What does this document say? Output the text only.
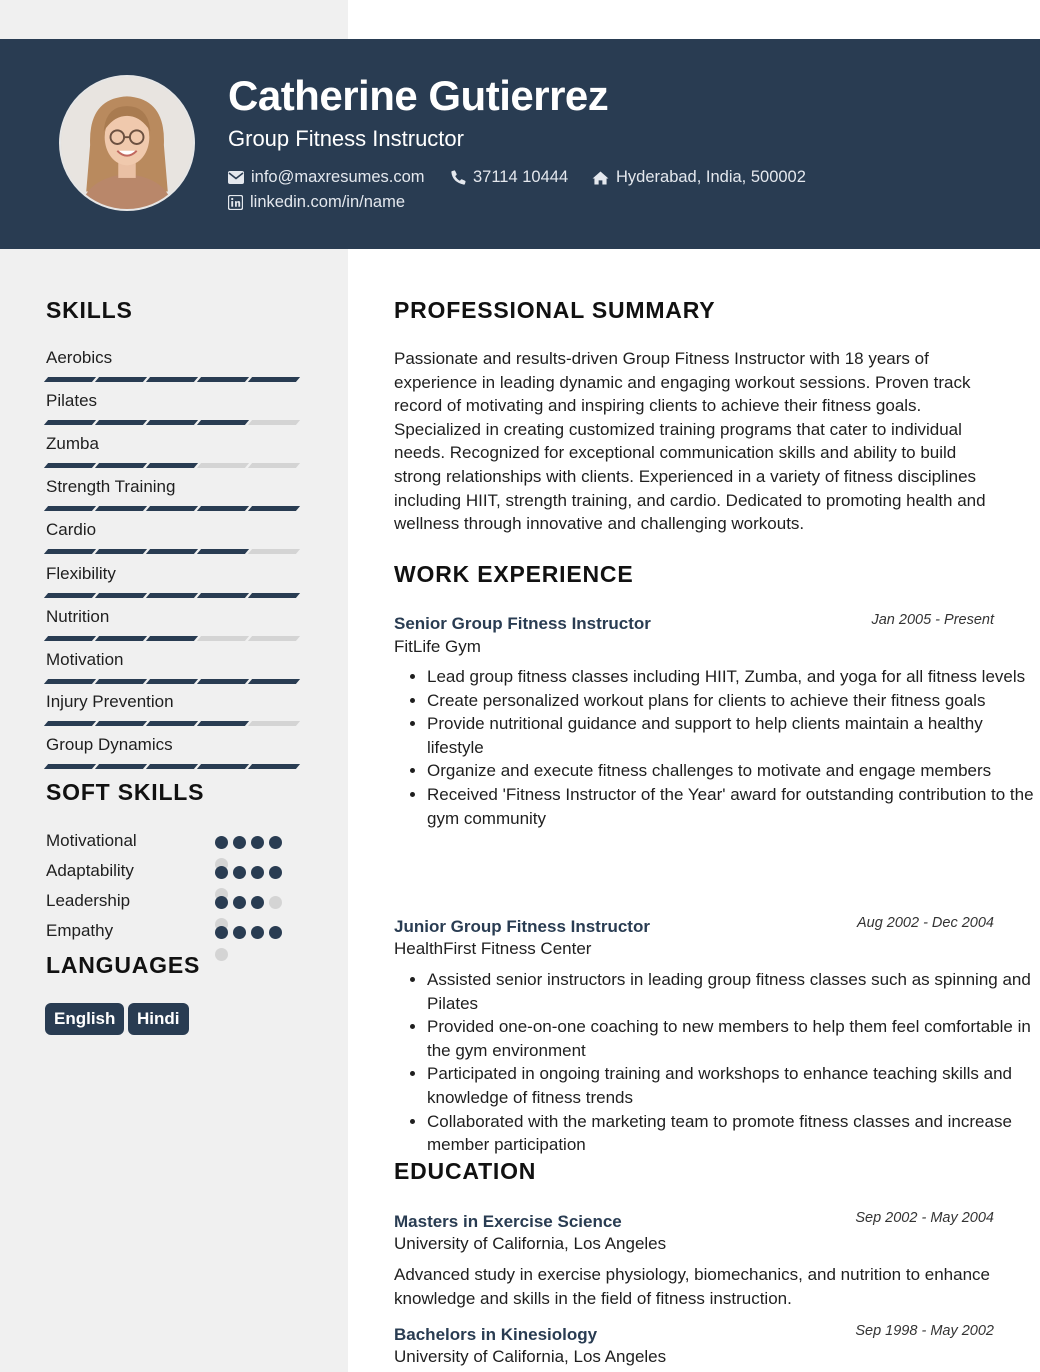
Catherine Gutierrez
Group Fitness Instructor
info@maxresumes.com	37114 10444	Hyderabad, India, 500002
linkedin.com/in/name
SKILLS
Aerobics
Pilates
Zumba
Strength Training
Cardio
Flexibility
Nutrition
Motivation
Injury Prevention
Group Dynamics
SOFT SKILLS
Motivational
Adaptability
Leadership
Empathy
LANGUAGES
English	Hindi
PROFESSIONAL SUMMARY
Passionate and results-driven Group Fitness Instructor with 18 years of experience in leading dynamic and engaging workout sessions. Proven track record of motivating and inspiring clients to achieve their fitness goals. Specialized in creating customized training programs that cater to individual needs. Recognized for exceptional communication skills and ability to build strong relationships with clients. Experienced in a variety of fitness disciplines including HIIT, strength training, and cardio. Dedicated to promoting health and wellness through innovative and challenging workouts.
WORK EXPERIENCE
Senior Group Fitness Instructor	Jan 2005 - Present
FitLife Gym
• Lead group fitness classes including HIIT, Zumba, and yoga for all fitness levels
• Create personalized workout plans for clients to achieve their fitness goals
• Provide nutritional guidance and support to help clients maintain a healthy lifestyle
• Organize and execute fitness challenges to motivate and engage members
• Received 'Fitness Instructor of the Year' award for outstanding contribution to the gym community
Junior Group Fitness Instructor	Aug 2002 - Dec 2004
HealthFirst Fitness Center
• Assisted senior instructors in leading group fitness classes such as spinning and Pilates
• Provided one-on-one coaching to new members to help them feel comfortable in the gym environment
• Participated in ongoing training and workshops to enhance teaching skills and knowledge of fitness trends
• Collaborated with the marketing team to promote fitness classes and increase member participation
EDUCATION
Masters in Exercise Science	Sep 2002 - May 2004
University of California, Los Angeles
Advanced study in exercise physiology, biomechanics, and nutrition to enhance knowledge and skills in the field of fitness instruction.
Bachelors in Kinesiology	Sep 1998 - May 2002
University of California, Los Angeles
